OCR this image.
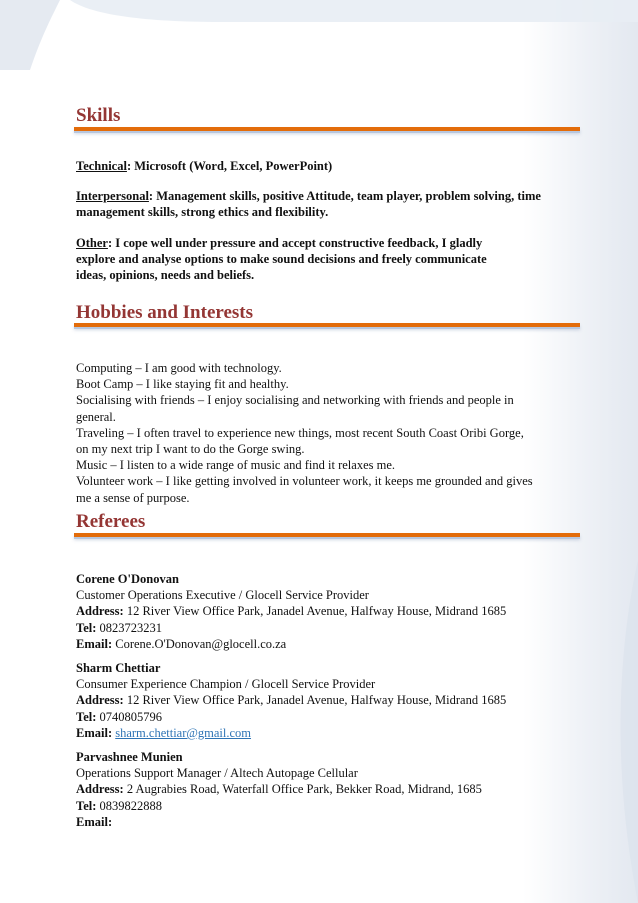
Skills

Technical: Microsoft (Word, Excel, PowerPoint)

Interpersonal: Management skills, positive Attitude, team player, problem solving, time management skills, strong ethics and flexibility.

Other: I cope well under pressure and accept constructive feedback, I gladly explore and analyse options to make sound decisions and freely communicate ideas, opinions, needs and beliefs.

Hobbies and Interests

Computing – I am good with technology.

Boot Camp – I like staying fit and healthy.

Socialising with friends – I enjoy socialising and networking with friends and people in general.

Traveling – I often travel to experience new things, most recent South Coast Oribi Gorge, on my next trip I want to do the Gorge swing.

Music – I listen to a wide range of music and find it relaxes me.

Volunteer work – I like getting involved in volunteer work, it keeps me grounded and gives me a sense of purpose.

Referees

Corene O'Donovan

Customer Operations Executive / Glocell Service Provider

Address: 12 River View Office Park, Janadel Avenue, Halfway House, Midrand 1685

Tel: 0823723231

Email: Corene.O'Donovan@glocell.co.za

Sharm Chettiar

Consumer Experience Champion / Glocell Service Provider

Address: 12 River View Office Park, Janadel Avenue, Halfway House, Midrand 1685

Tel: 0740805796

Email: sharm.chettiar@gmail.com

Parvashnee Munien

Operations Support Manager / Altech Autopage Cellular

Address: 2 Augrabies Road, Waterfall Office Park, Bekker Road, Midrand, 1685

Tel: 0839822888

Email:
